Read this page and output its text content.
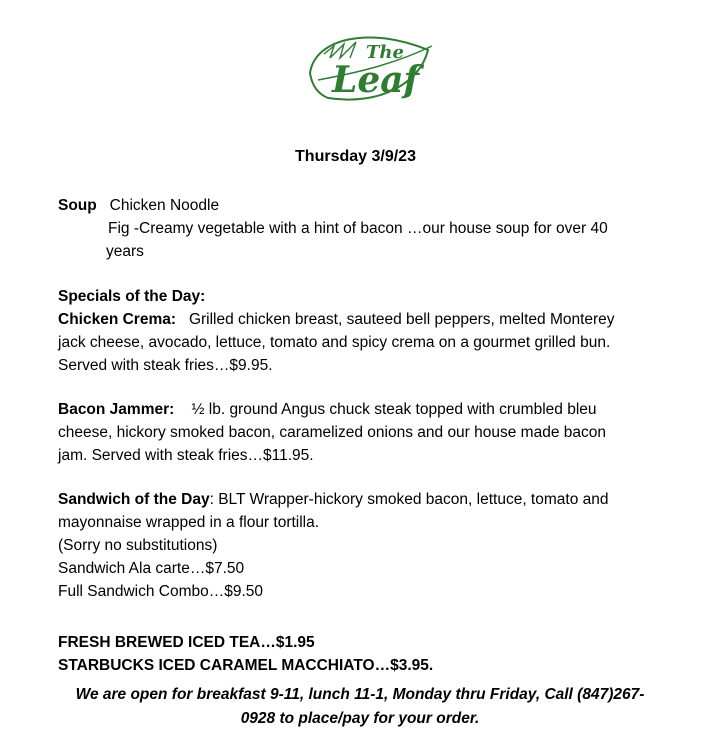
The
Leaf
Thursday 3/9/23
Soup Chicken Noodle
Fig -Creamy vegetable with a hint of bacon …our house soup for over 40
years
Specials of the Day:
Chicken Crema: Grilled chicken breast, sauteed bell peppers, melted Monterey
jack cheese, avocado, lettuce, tomato and spicy crema on a gourmet grilled bun.
Served with steak fries…$9.95.
Bacon Jammer: ½ lb. ground Angus chuck steak topped with crumbled bleu
cheese, hickory smoked bacon, caramelized onions and our house made bacon
jam. Served with steak fries…$11.95.
Sandwich of the Day: BLT Wrapper-hickory smoked bacon, lettuce, tomato and
mayonnaise wrapped in a flour tortilla.
(Sorry no substitutions)
Sandwich Ala carte…$7.50
Full Sandwich Combo…$9.50
FRESH BREWED ICED TEA…$1.95
STARBUCKS ICED CARAMEL MACCHIATO…$3.95.
We are open for breakfast 9-11, lunch 11-1, Monday thru Friday, Call (847)267-
0928 to place/pay for your order.
